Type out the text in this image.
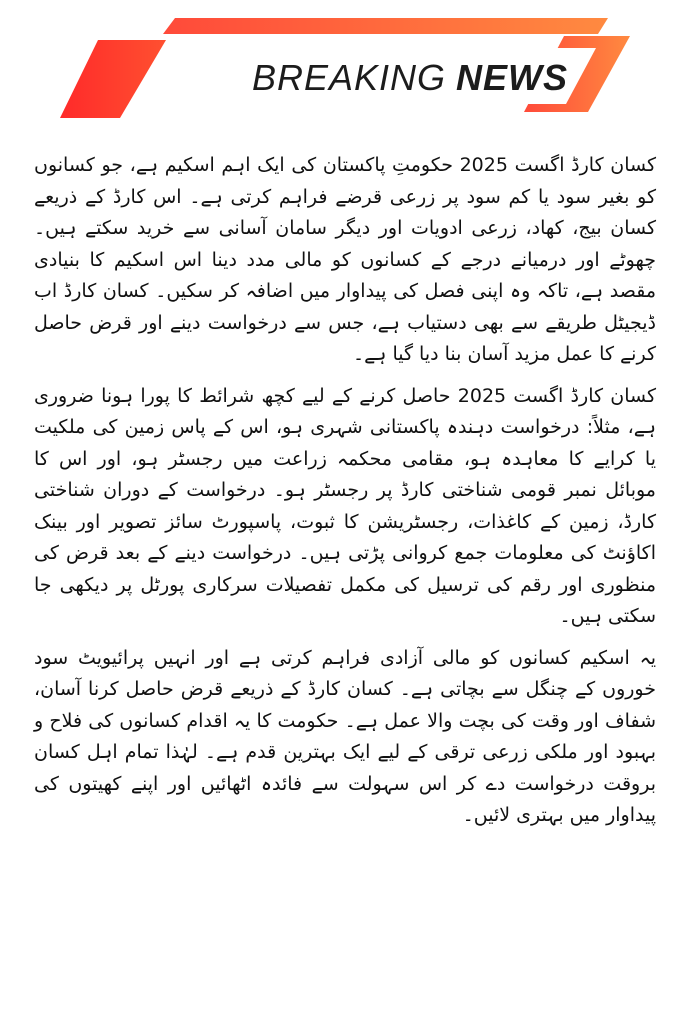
BREAKING NEWS

کسان کارڈ اگست 2025 حکومتِ پاکستان کی ایک اہم اسکیم ہے، جو کسانوں کو بغیر سود یا کم سود پر زرعی قرضے فراہم کرتی ہے۔ اس کارڈ کے ذریعے کسان بیج، کھاد، زرعی ادویات اور دیگر سامان آسانی سے خرید سکتے ہیں۔ چھوٹے اور درمیانے درجے کے کسانوں کو مالی مدد دینا اس اسکیم کا بنیادی مقصد ہے، تاکہ وہ اپنی فصل کی پیداوار میں اضافہ کر سکیں۔ کسان کارڈ اب ڈیجیٹل طریقے سے بھی دستیاب ہے، جس سے درخواست دینے اور قرض حاصل کرنے کا عمل مزید آسان بنا دیا گیا ہے۔

کسان کارڈ اگست 2025 حاصل کرنے کے لیے کچھ شرائط کا پورا ہونا ضروری ہے، مثلاً: درخواست دہندہ پاکستانی شہری ہو، اس کے پاس زمین کی ملکیت یا کرایے کا معاہدہ ہو، مقامی محکمہ زراعت میں رجسٹر ہو، اور اس کا موبائل نمبر قومی شناختی کارڈ پر رجسٹر ہو۔ درخواست کے دوران شناختی کارڈ، زمین کے کاغذات، رجسٹریشن کا ثبوت، پاسپورٹ سائز تصویر اور بینک اکاؤنٹ کی معلومات جمع کروانی پڑتی ہیں۔ درخواست دینے کے بعد قرض کی منظوری اور رقم کی ترسیل کی مکمل تفصیلات سرکاری پورٹل پر دیکھی جا سکتی ہیں۔

یہ اسکیم کسانوں کو مالی آزادی فراہم کرتی ہے اور انہیں پرائیویٹ سود خوروں کے چنگل سے بچاتی ہے۔ کسان کارڈ کے ذریعے قرض حاصل کرنا آسان، شفاف اور وقت کی بچت والا عمل ہے۔ حکومت کا یہ اقدام کسانوں کی فلاح و بہبود اور ملکی زرعی ترقی کے لیے ایک بہترین قدم ہے۔ لہٰذا تمام اہل کسان بروقت درخواست دے کر اس سہولت سے فائدہ اٹھائیں اور اپنے کھیتوں کی پیداوار میں بہتری لائیں۔
